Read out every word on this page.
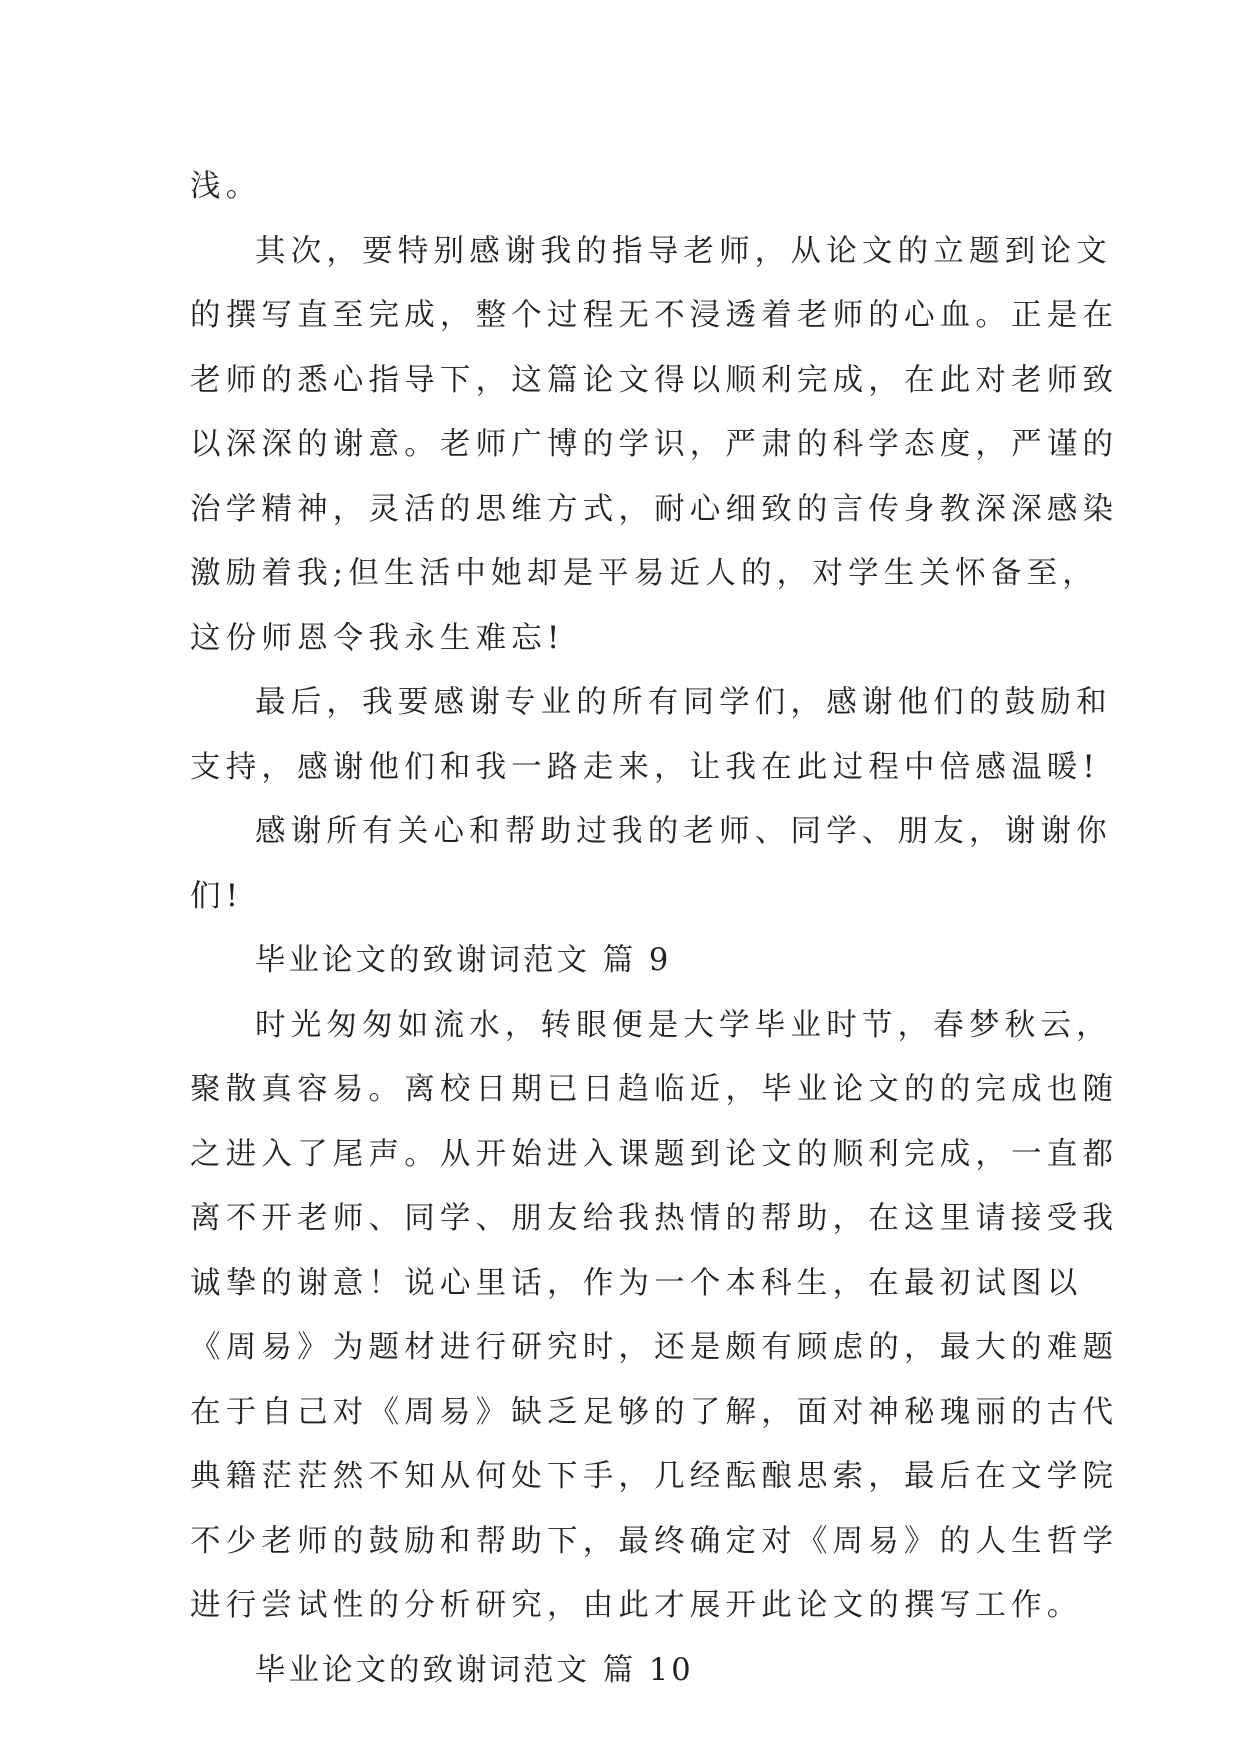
浅。
其次，要特别感谢我的指导老师，从论文的立题到论文
的撰写直至完成，整个过程无不浸透着老师的心血。正是在
老师的悉心指导下，这篇论文得以顺利完成，在此对老师致
以深深的谢意。老师广博的学识，严肃的科学态度，严谨的
治学精神，灵活的思维方式，耐心细致的言传身教深深感染
激励着我;但生活中她却是平易近人的，对学生关怀备至，
这份师恩令我永生难忘!
最后，我要感谢专业的所有同学们，感谢他们的鼓励和
支持，感谢他们和我一路走来，让我在此过程中倍感温暖!
感谢所有关心和帮助过我的老师、同学、朋友，谢谢你
们!
毕业论文的致谢词范文 篇 9
时光匆匆如流水，转眼便是大学毕业时节，春梦秋云，
聚散真容易。离校日期已日趋临近，毕业论文的的完成也随
之进入了尾声。从开始进入课题到论文的顺利完成，一直都
离不开老师、同学、朋友给我热情的帮助，在这里请接受我
诚挚的谢意！说心里话，作为一个本科生，在最初试图以
《周易》为题材进行研究时，还是颇有顾虑的，最大的难题
在于自己对《周易》缺乏足够的了解，面对神秘瑰丽的古代
典籍茫茫然不知从何处下手，几经酝酿思索，最后在文学院
不少老师的鼓励和帮助下，最终确定对《周易》的人生哲学
进行尝试性的分析研究，由此才展开此论文的撰写工作。
毕业论文的致谢词范文 篇 10
